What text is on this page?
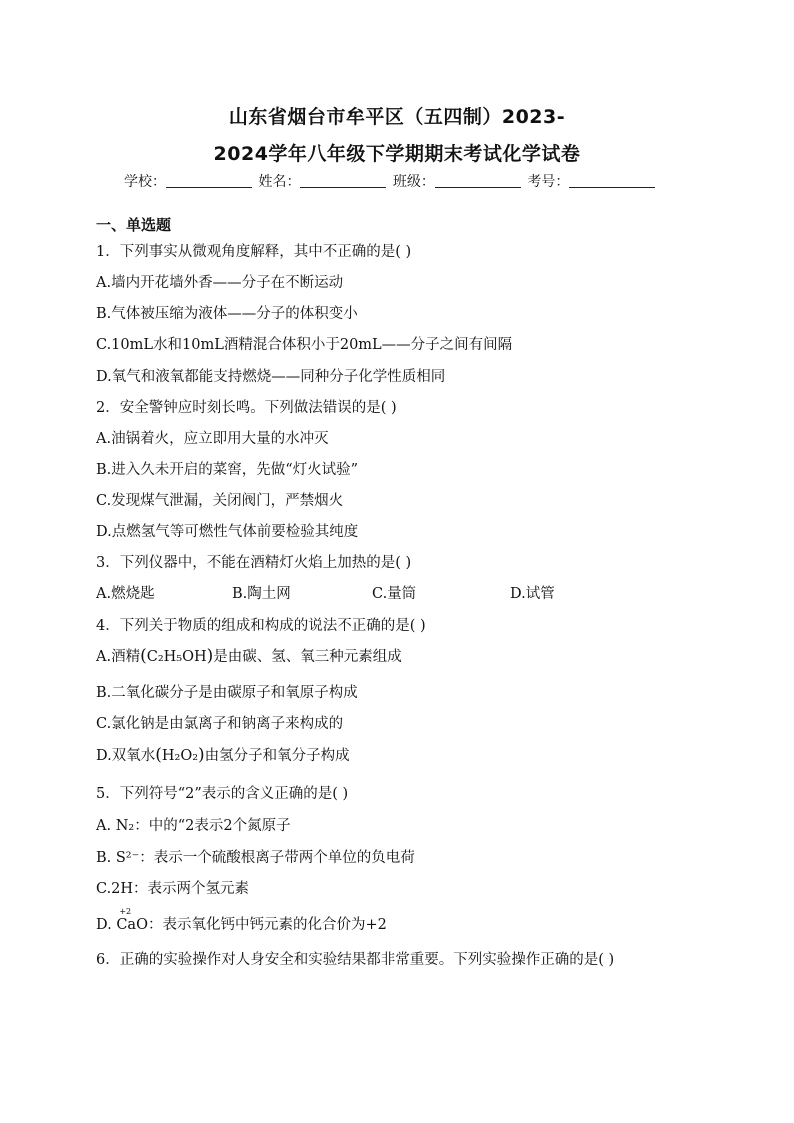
山东省烟台市牟平区（五四制）2023-
2024学年八年级下学期期末考试化学试卷
学校：	姓名：	班级：	考号：
一、单选题
1．下列事实从微观角度解释，其中不正确的是( )
A.墙内开花墙外香——分子在不断运动
B.气体被压缩为液体——分子的体积变小
C.10mL水和10mL酒精混合体积小于20mL——分子之间有间隔
D.氧气和液氧都能支持燃烧——同种分子化学性质相同
2．安全警钟应时刻长鸣。下列做法错误的是( )
A.油锅着火，应立即用大量的水冲灭
B.进入久未开启的菜窖，先做“灯火试验”
C.发现煤气泄漏，关闭阀门，严禁烟火
D.点燃氢气等可燃性气体前要检验其纯度
3．下列仪器中，不能在酒精灯火焰上加热的是( )
A.燃烧匙	B.陶土网	C.量筒	D.试管
4．下列关于物质的组成和构成的说法不正确的是( )
A.酒精(C₂H₅OH)是由碳、氢、氧三种元素组成
B.二氧化碳分子是由碳原子和氧原子构成
C.氯化钠是由氯离子和钠离子来构成的
D.双氧水(H₂O₂)由氢分子和氧分子构成
5．下列符号“2”表示的含义正确的是( )
A. N₂：中的“2表示2个氮原子
B. S²⁻：表示一个硫酸根离子带两个单位的负电荷
C.2H：表示两个氢元素
D.
+2
CaO：表示氧化钙中钙元素的化合价为+2
6．正确的实验操作对人身安全和实验结果都非常重要。下列实验操作正确的是( )
